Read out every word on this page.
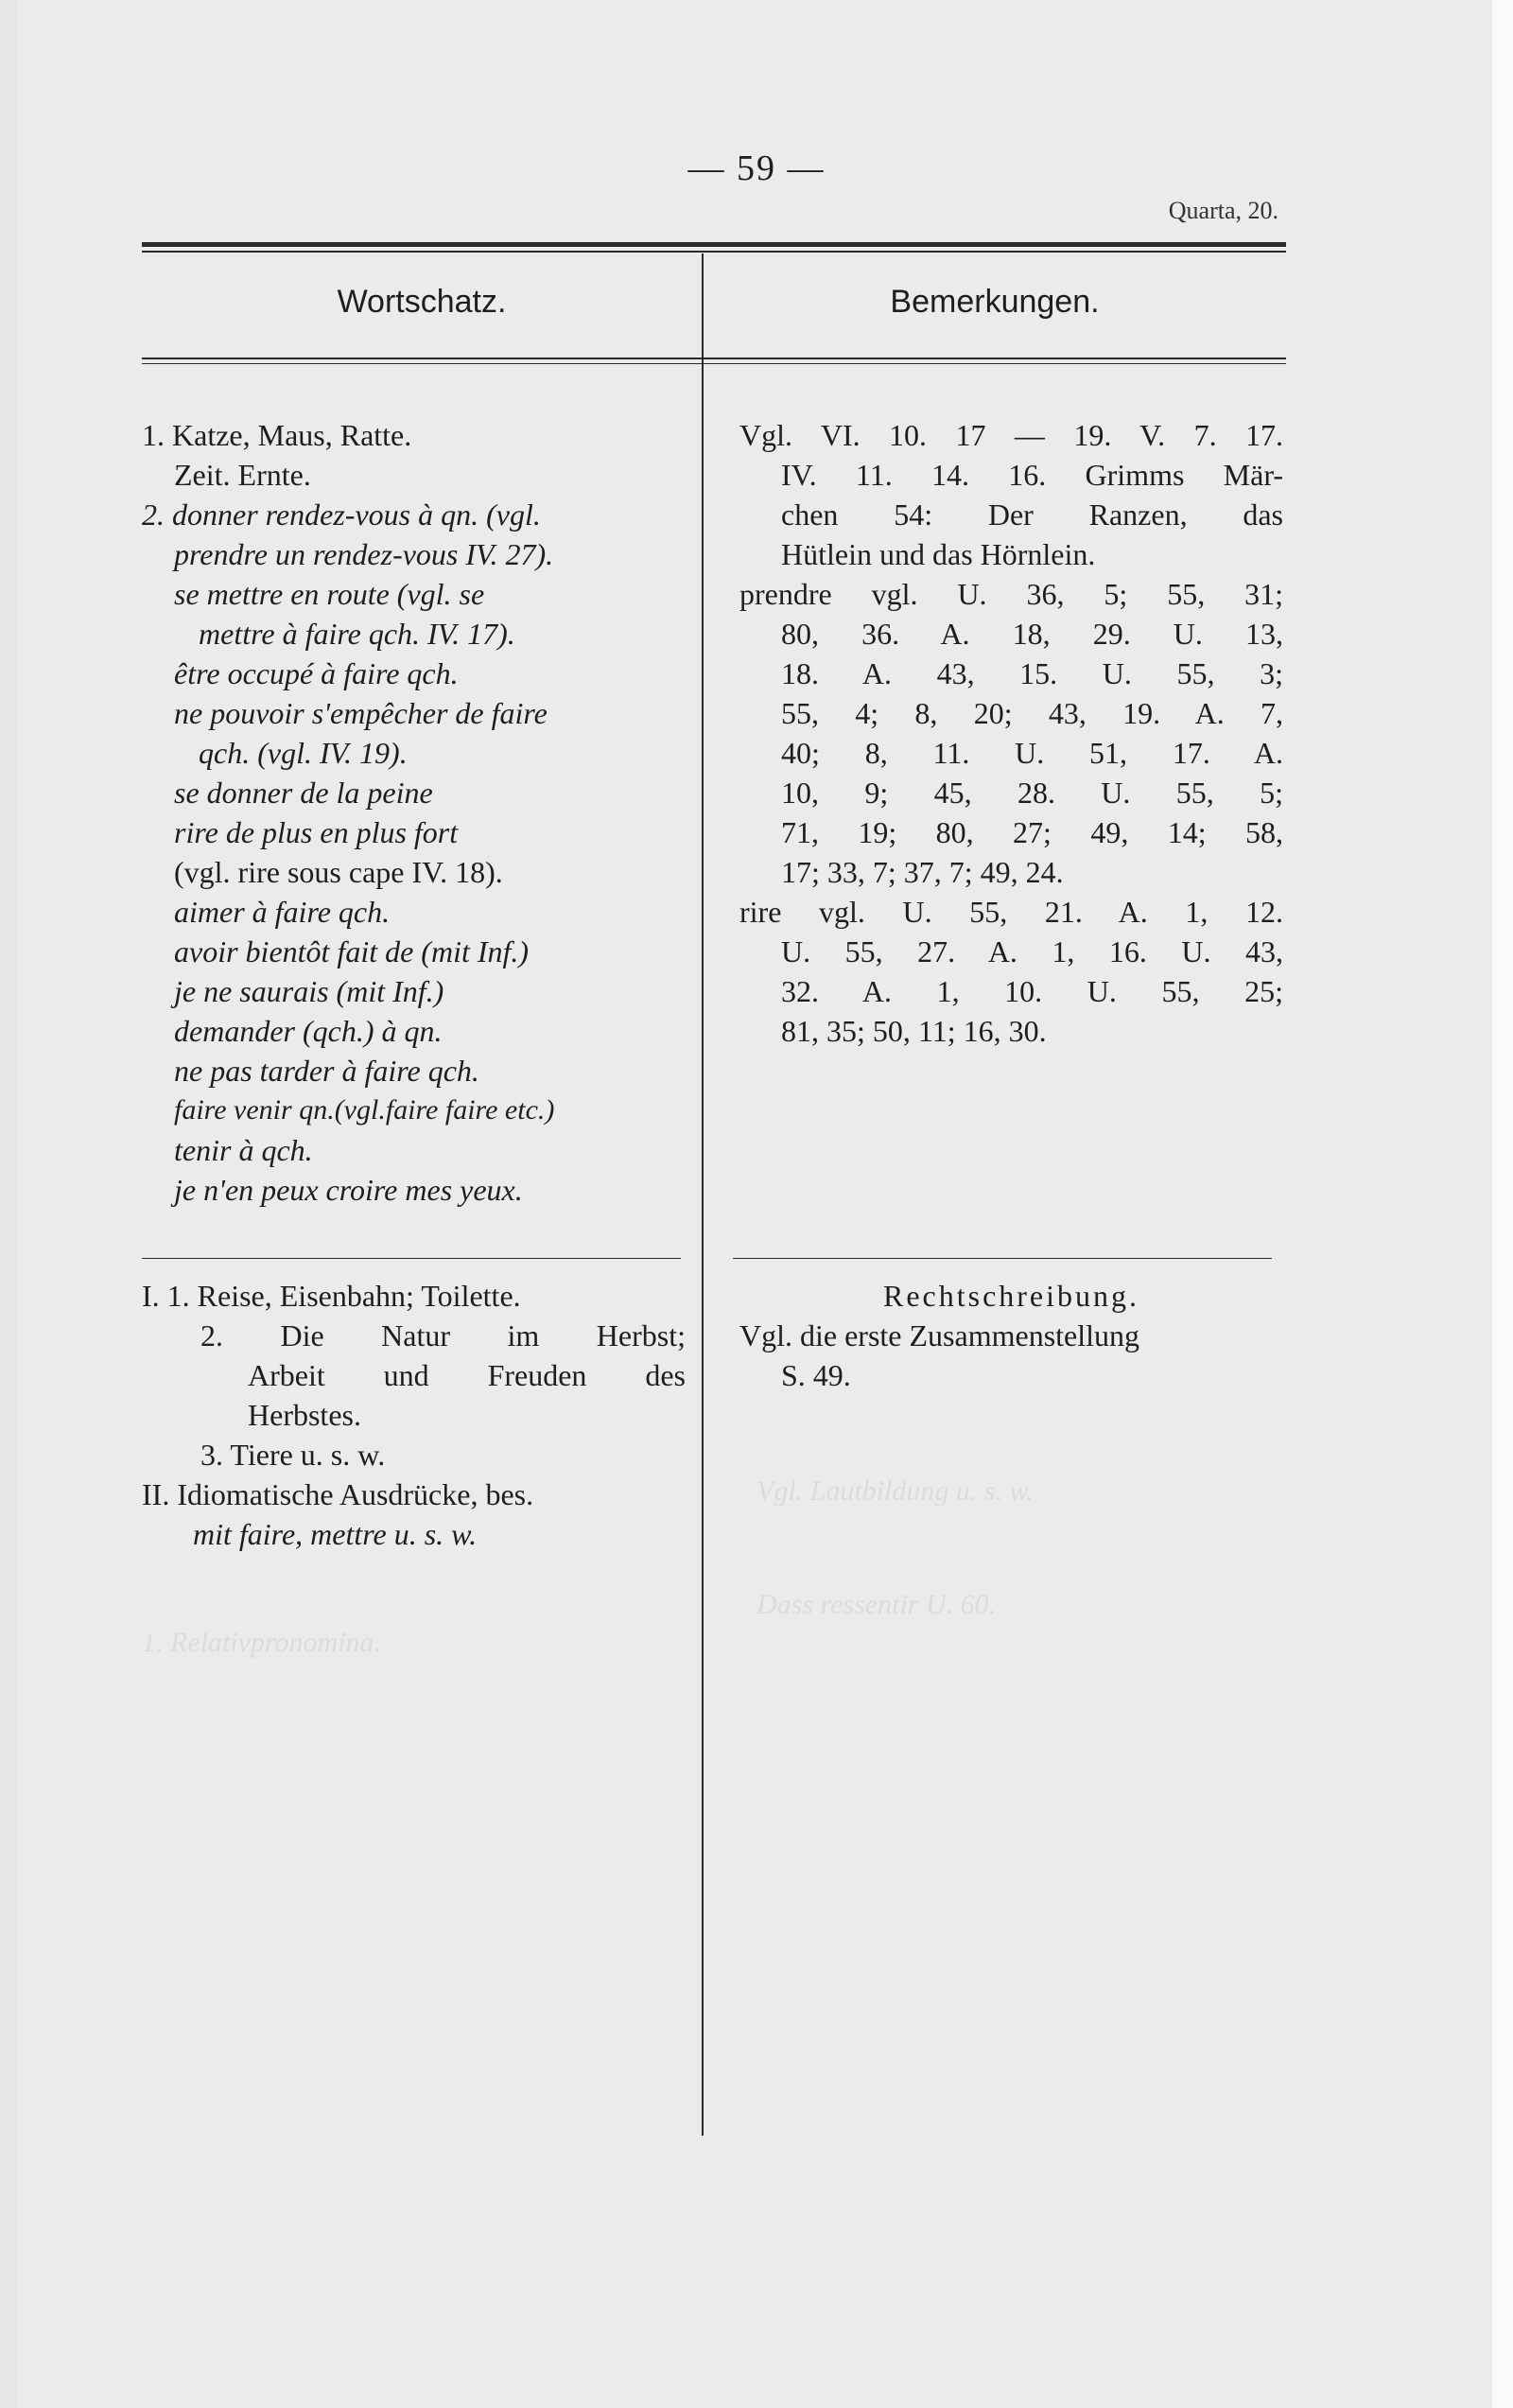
Vgl. Lautbildung u. s. w.
1. Relativpronomina.
Dass ressentir U. 60.
— 59 —
Quarta, 20.
Wortschatz.	Bemerkungen.
1. Katze, Maus, Ratte.
Zeit. Ernte.
2. donner rendez-vous à qn. (vgl.
prendre un rendez-vous IV. 27).
se mettre en route (vgl. se
mettre à faire qch. IV. 17).
être occupé à faire qch.
ne pouvoir s'empêcher de faire
qch. (vgl. IV. 19).
se donner de la peine
rire de plus en plus fort
(vgl. rire sous cape IV. 18).
aimer à faire qch.
avoir bientôt fait de (mit Inf.)
je ne saurais (mit Inf.)
demander (qch.) à qn.
ne pas tarder à faire qch.
faire venir qn.(vgl.faire faire etc.)
tenir à qch.
je n'en peux croire mes yeux.
Vgl. VI. 10. 17 — 19. V. 7. 17.
IV. 11. 14. 16. Grimms Mär-
chen 54: Der Ranzen, das
Hütlein und das Hörnlein.
prendre vgl. U. 36, 5; 55, 31;
80, 36. A. 18, 29. U. 13,
18. A. 43, 15. U. 55, 3;
55, 4; 8, 20; 43, 19. A. 7,
40; 8, 11. U. 51, 17. A.
10, 9; 45, 28. U. 55, 5;
71, 19; 80, 27; 49, 14; 58,
17; 33, 7; 37, 7; 49, 24.
rire vgl. U. 55, 21. A. 1, 12.
U. 55, 27. A. 1, 16. U. 43,
32. A. 1, 10. U. 55, 25;
81, 35; 50, 11; 16, 30.
I. 1. Reise, Eisenbahn; Toilette.
2. Die Natur im Herbst;
Arbeit und Freuden des
Herbstes.
3. Tiere u. s. w.
II. Idiomatische Ausdrücke, bes.
mit faire, mettre u. s. w.
Rechtschreibung.
Vgl. die erste Zusammenstellung
S. 49.
